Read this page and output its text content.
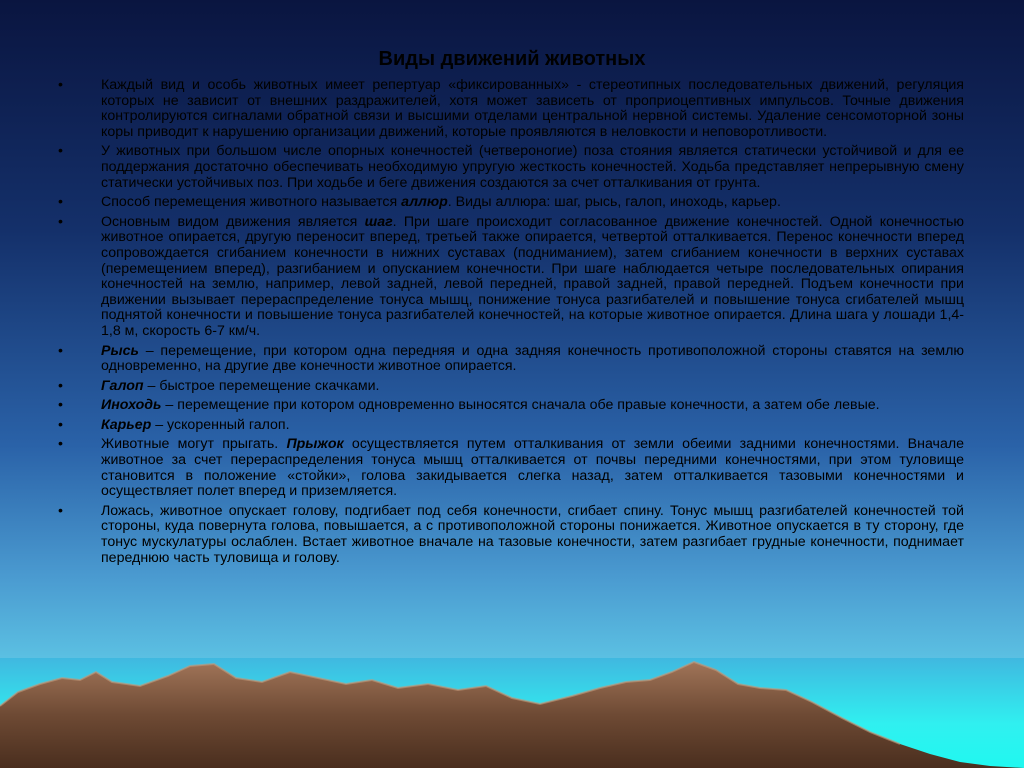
Виды движений животных
•	Каждый вид и особь животных имеет репертуар «фиксированных» - стереотипных последовательных движений, регуляция которых не зависит от внешних раздражителей, хотя может зависеть от проприоцептивных импульсов. Точные движения контролируются сигналами обратной связи и высшими отделами центральной нервной системы. Удаление сенсомоторной зоны коры приводит к нарушению организации движений, которые проявляются в неловкости и неповоротливости.
•	У животных при большом числе опорных конечностей (четвероногие) поза стояния является статически устойчивой и для ее поддержания достаточно обеспечивать необходимую упругую жесткость конечностей. Ходьба представляет непрерывную смену статически устойчивых поз. При ходьбе и беге движения создаются за счет отталкивания от грунта.
•	Способ перемещения животного называется аллюр. Виды аллюра: шаг, рысь, галоп, иноходь, карьер.
•	Основным видом движения является шаг. При шаге происходит согласованное движение конечностей. Одной конечностью животное опирается, другую переносит вперед, третьей также опирается, четвертой отталкивается. Перенос конечности вперед сопровождается сгибанием конечности в нижних суставах (подниманием), затем сгибанием конечности в верхних суставах (перемещением вперед), разгибанием и опусканием конечности. При шаге наблюдается четыре последовательных опирания конечностей на землю, например, левой задней, левой передней, правой задней, правой передней. Подъем конечности при движении вызывает перераспределение тонуса мышц, понижение тонуса разгибателей и повышение тонуса сгибателей мышц поднятой конечности и повышение тонуса разгибателей конечностей, на которые животное опирается. Длина шага у лошади 1,4-1,8 м, скорость 6-7 км/ч.
•	Рысь – перемещение, при котором одна передняя и одна задняя конечность противоположной стороны ставятся на землю одновременно, на другие две конечности животное опирается.
•	Галоп – быстрое перемещение скачками.
•	Иноходь – перемещение при котором одновременно выносятся сначала обе правые конечности, а затем обе левые.
•	Карьер – ускоренный галоп.
•	Животные могут прыгать. Прыжок осуществляется путем отталкивания от земли обеими задними конечностями. Вначале животное за счет перераспределения тонуса мышц отталкивается от почвы передними конечностями, при этом туловище становится в положение «стойки», голова закидывается слегка назад, затем отталкивается тазовыми конечностями и осуществляет полет вперед и приземляется.
•	Ложась, животное опускает голову, подгибает под себя конечности, сгибает спину. Тонус мышц разгибателей конечностей той стороны, куда повернута голова, повышается, а с противоположной стороны понижается. Животное опускается в ту сторону, где тонус мускулатуры ослаблен. Встает животное вначале на тазовые конечности, затем разгибает грудные конечности, поднимает переднюю часть туловища и голову.
